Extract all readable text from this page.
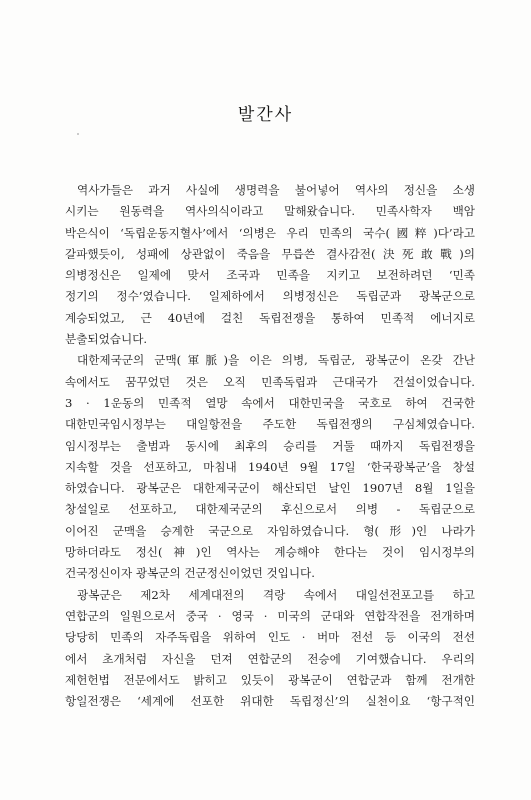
발간사
역사가들은 과거 사실에 생명력을 불어넣어 역사의 정신을 소생
시키는 원동력을 역사의식이라고 말해왔습니다. 민족사학자 백암
박은식이 ‘독립운동지혈사’에서 ‘의병은 우리 민족의 국수(國粹)다’라고
갈파했듯이, 성패에 상관없이 죽음을 무릅쓴 결사감전(決死敢戰)의
의병정신은 일제에 맞서 조국과 민족을 지키고 보전하려던 ‘민족
정기의 정수’였습니다. 일제하에서 의병정신은 독립군과 광복군으로
계승되었고, 근 40년에 걸친 독립전쟁을 통하여 민족적 에너지로
분출되었습니다.
대한제국군의 군맥(軍脈)을 이은 의병, 독립군, 광복군이 온갖 간난
속에서도 꿈꾸었던 것은 오직 민족독립과 근대국가 건설이었습니다.
3 · 1운동의 민족적 열망 속에서 대한민국을 국호로 하여 건국한
대한민국임시정부는 대일항전을 주도한 독립전쟁의 구심체였습니다.
임시정부는 출범과 동시에 최후의 승리를 거둘 때까지 독립전쟁을
지속할 것을 선포하고, 마침내 1940년 9월 17일 ‘한국광복군’을 창설
하였습니다. 광복군은 대한제국군이 해산되던 날인 1907년 8월 1일을
창설일로 선포하고, 대한제국군의 후신으로서 의병 - 독립군으로
이어진 군맥을 승계한 국군으로 자임하였습니다. 형(形)인 나라가
망하더라도 정신(神)인 역사는 계승해야 한다는 것이 임시정부의
건국정신이자 광복군의 건군정신이었던 것입니다.
광복군은 제2차 세계대전의 격랑 속에서 대일선전포고를 하고
연합군의 일원으로서 중국 · 영국 · 미국의 군대와 연합작전을 전개하며
당당히 민족의 자주독립을 위하여 인도 · 버마 전선 등 이국의 전선
에서 초개처럼 자신을 던져 연합군의 전승에 기여했습니다. 우리의
제헌헌법 전문에서도 밝히고 있듯이 광복군이 연합군과 함께 전개한
항일전쟁은 ‘세계에 선포한 위대한 독립정신’의 실천이요 ‘항구적인
